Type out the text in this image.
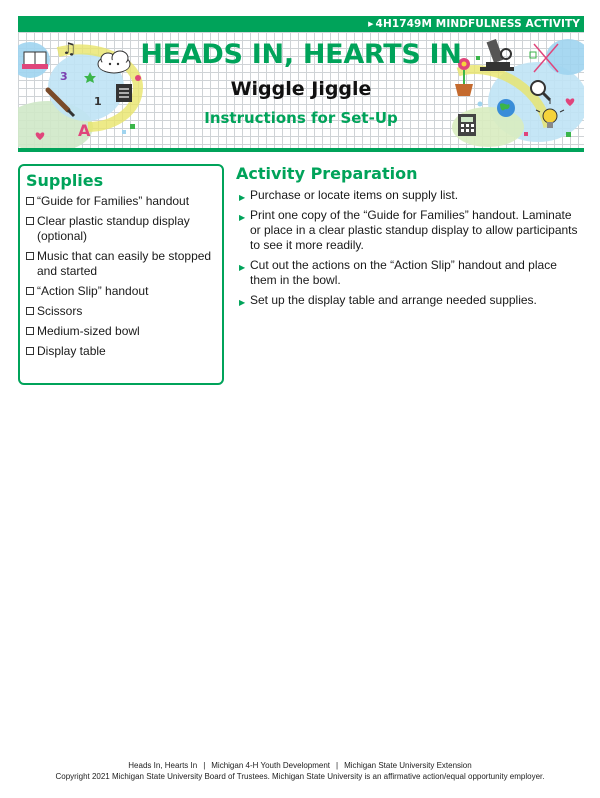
▶ 4H1749M MINDFULNESS ACTIVITY
♫
3
1
A
HEADS IN, HEARTS IN
Wiggle Jiggle
Instructions for Set-Up
Supplies
“Guide for Families” handout
Clear plastic standup display (optional)
Music that can easily be stopped and started
“Action Slip” handout
Scissors
Medium-sized bowl
Display table
Activity Preparation
▶ Purchase or locate items on supply list.
▶ Print one copy of the “Guide for Families” handout. Laminate or place in a clear plastic standup display to allow participants to see it more readily.
▶ Cut out the actions on the “Action Slip” handout and place them in the bowl.
▶ Set up the display table and arrange needed supplies.
Heads In, Hearts In | Michigan 4-H Youth Development | Michigan State University Extension
Copyright 2021 Michigan State University Board of Trustees. Michigan State University is an affirmative action/equal opportunity employer.
